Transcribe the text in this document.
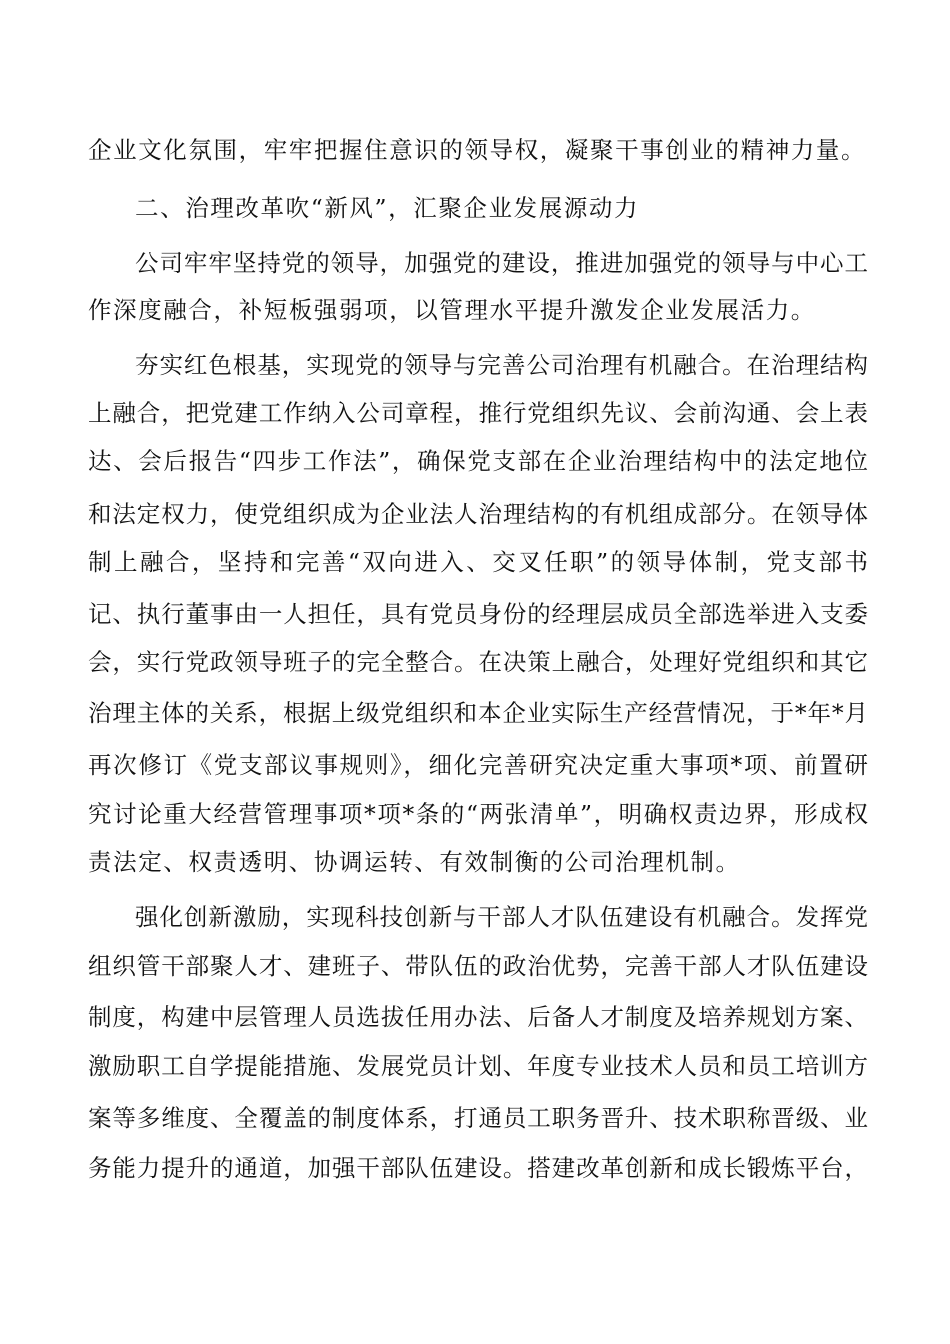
企业文化氛围，牢牢把握住意识的领导权，凝聚干事创业的精神力量。
二、治理改革吹“新风”，汇聚企业发展源动力
公司牢牢坚持党的领导，加强党的建设，推进加强党的领导与中心工
作深度融合，补短板强弱项，以管理水平提升激发企业发展活力。
夯实红色根基，实现党的领导与完善公司治理有机融合。在治理结构
上融合，把党建工作纳入公司章程，推行党组织先议、会前沟通、会上表
达、会后报告“四步工作法”，确保党支部在企业治理结构中的法定地位
和法定权力，使党组织成为企业法人治理结构的有机组成部分。在领导体
制上融合，坚持和完善“双向进入、交叉任职”的领导体制，党支部书
记、执行董事由一人担任，具有党员身份的经理层成员全部选举进入支委
会，实行党政领导班子的完全整合。在决策上融合，处理好党组织和其它
治理主体的关系，根据上级党组织和本企业实际生产经营情况，于*年*月
再次修订《党支部议事规则》，细化完善研究决定重大事项*项、前置研
究讨论重大经营管理事项*项*条的“两张清单”，明确权责边界，形成权
责法定、权责透明、协调运转、有效制衡的公司治理机制。
强化创新激励，实现科技创新与干部人才队伍建设有机融合。发挥党
组织管干部聚人才、建班子、带队伍的政治优势，完善干部人才队伍建设
制度，构建中层管理人员选拔任用办法、后备人才制度及培养规划方案、
激励职工自学提能措施、发展党员计划、年度专业技术人员和员工培训方
案等多维度、全覆盖的制度体系，打通员工职务晋升、技术职称晋级、业
务能力提升的通道，加强干部队伍建设。搭建改革创新和成长锻炼平台，
